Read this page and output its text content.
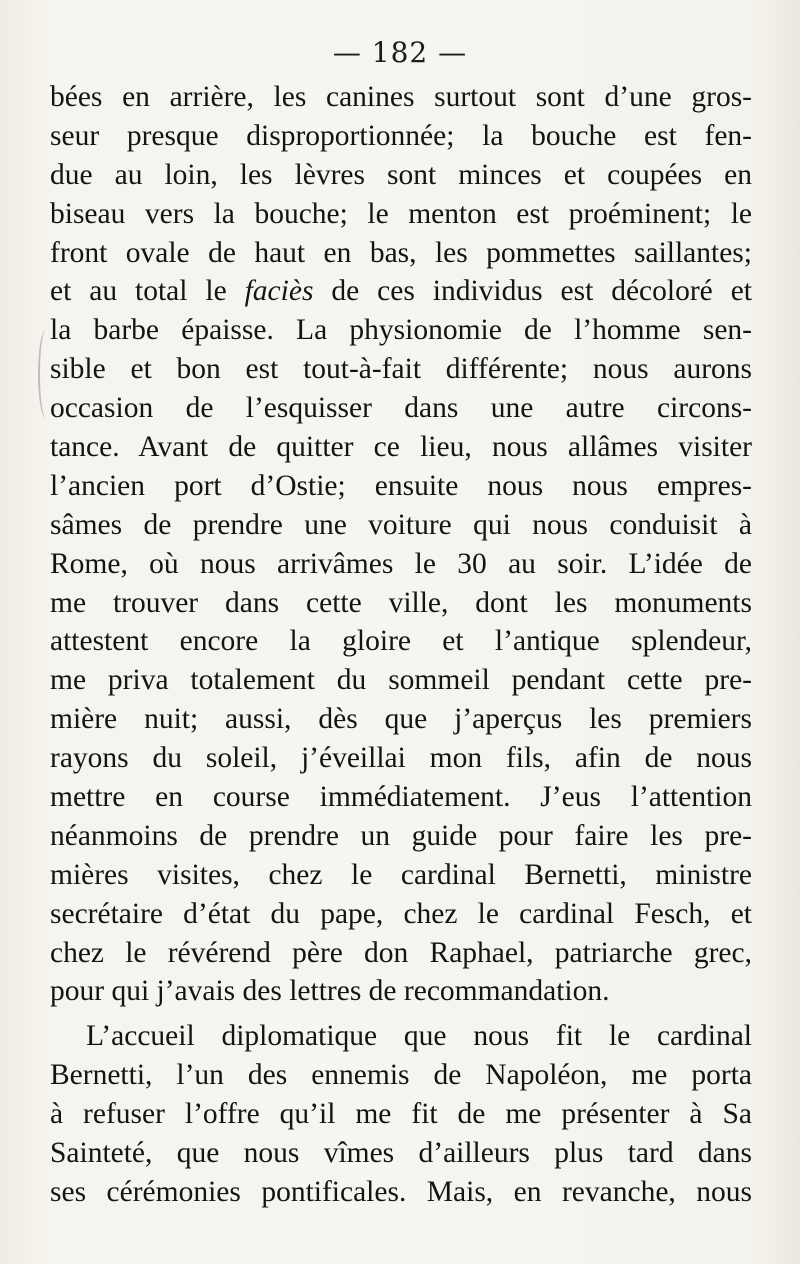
— 182 —
bées en arrière, les canines surtout sont d’une gros-
seur presque disproportionnée; la bouche est fen-
due au loin, les lèvres sont minces et coupées en
biseau vers la bouche; le menton est proéminent; le
front ovale de haut en bas, les pommettes saillantes;
et au total le faciès de ces individus est décoloré et
la barbe épaisse. La physionomie de l’homme sen-
sible et bon est tout-à-fait différente; nous aurons
occasion de l’esquisser dans une autre circons-
tance. Avant de quitter ce lieu, nous allâmes visiter
l’ancien port d’Ostie; ensuite nous nous empres-
sâmes de prendre une voiture qui nous conduisit à
Rome, où nous arrivâmes le 30 au soir. L’idée de
me trouver dans cette ville, dont les monuments
attestent encore la gloire et l’antique splendeur,
me priva totalement du sommeil pendant cette pre-
mière nuit; aussi, dès que j’aperçus les premiers
rayons du soleil, j’éveillai mon fils, afin de nous
mettre en course immédiatement. J’eus l’attention
néanmoins de prendre un guide pour faire les pre-
mières visites, chez le cardinal Bernetti, ministre
secrétaire d’état du pape, chez le cardinal Fesch, et
chez le révérend père don Raphael, patriarche grec,
pour qui j’avais des lettres de recommandation.
L’accueil diplomatique que nous fit le cardinal
Bernetti, l’un des ennemis de Napoléon, me porta
à refuser l’offre qu’il me fit de me présenter à Sa
Sainteté, que nous vîmes d’ailleurs plus tard dans
ses cérémonies pontificales. Mais, en revanche, nous
